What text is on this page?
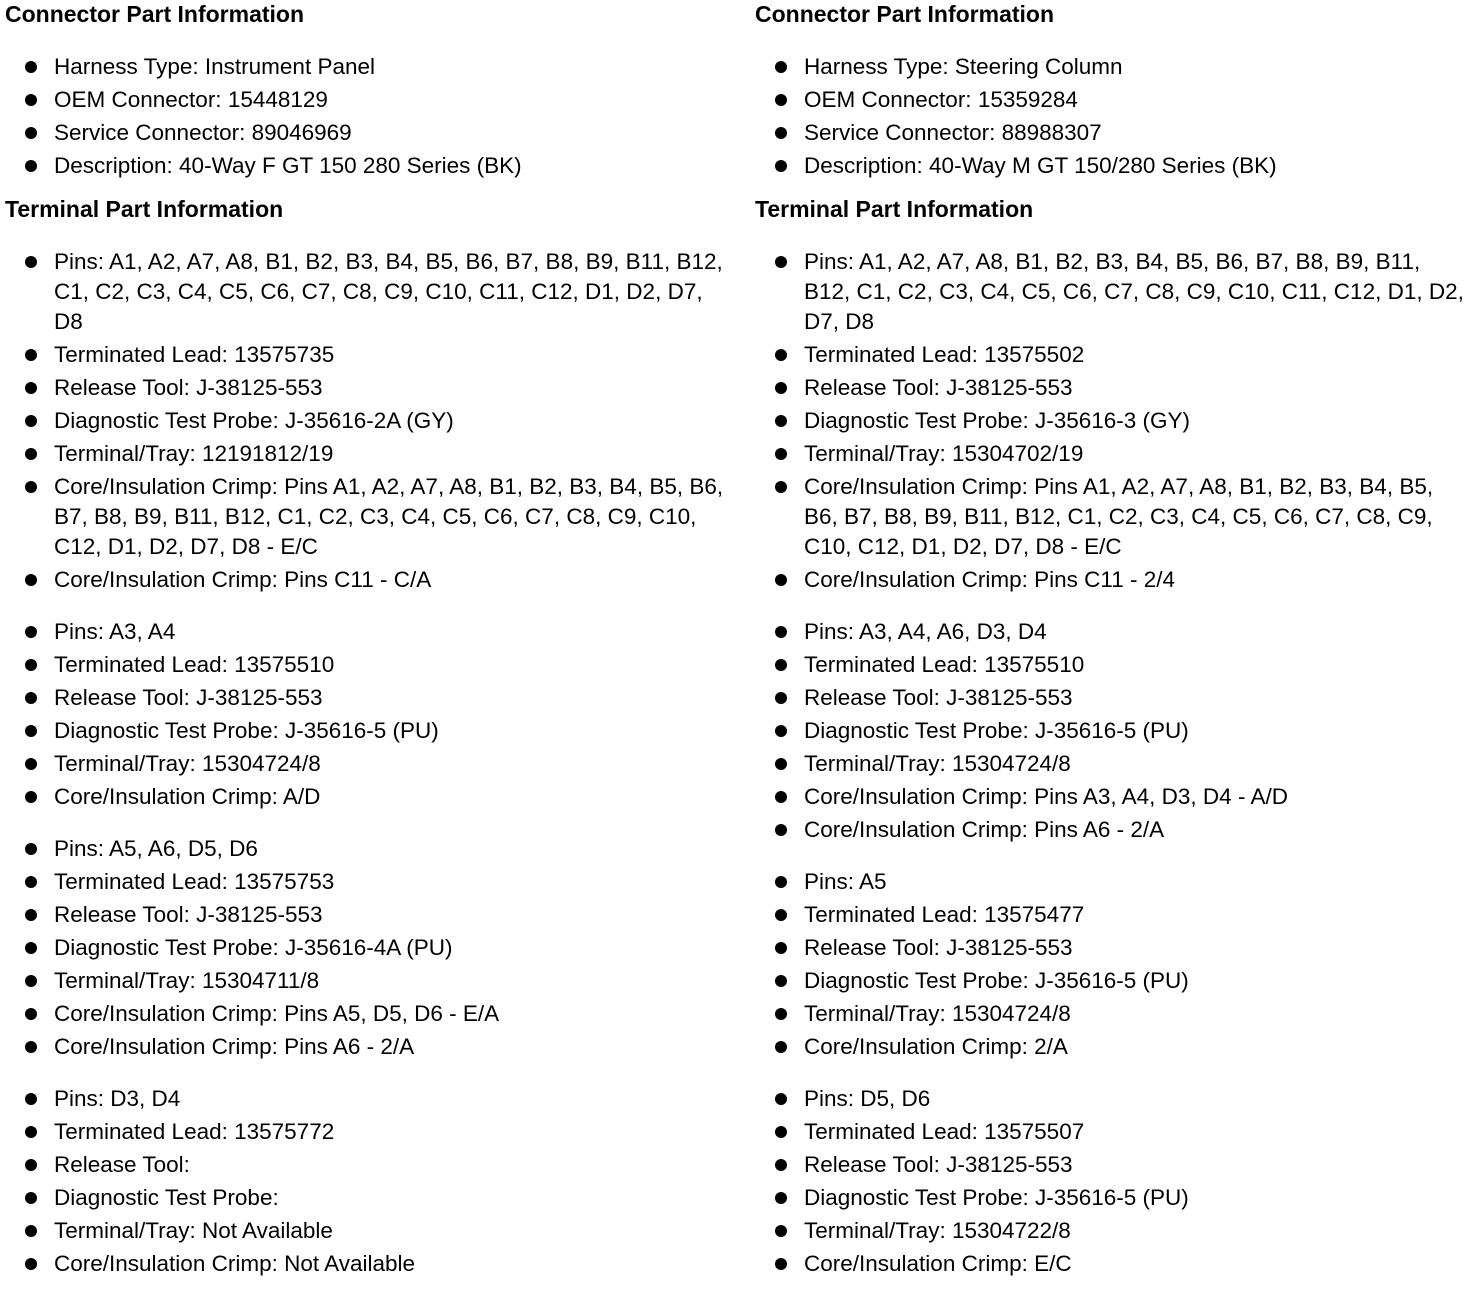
Connector Part Information
Harness Type: Instrument Panel
OEM Connector: 15448129
Service Connector: 89046969
Description: 40-Way F GT 150 280 Series (BK)
Terminal Part Information
Pins: A1, A2, A7, A8, B1, B2, B3, B4, B5, B6, B7, B8, B9, B11, B12, C1, C2, C3, C4, C5, C6, C7, C8, C9, C10, C11, C12, D1, D2, D7, D8
Terminated Lead: 13575735
Release Tool: J-38125-553
Diagnostic Test Probe: J-35616-2A (GY)
Terminal/Tray: 12191812/19
Core/Insulation Crimp: Pins A1, A2, A7, A8, B1, B2, B3, B4, B5, B6, B7, B8, B9, B11, B12, C1, C2, C3, C4, C5, C6, C7, C8, C9, C10, C12, D1, D2, D7, D8 - E/C
Core/Insulation Crimp: Pins C11 - C/A
Pins: A3, A4
Terminated Lead: 13575510
Release Tool: J-38125-553
Diagnostic Test Probe: J-35616-5 (PU)
Terminal/Tray: 15304724/8
Core/Insulation Crimp: A/D
Pins: A5, A6, D5, D6
Terminated Lead: 13575753
Release Tool: J-38125-553
Diagnostic Test Probe: J-35616-4A (PU)
Terminal/Tray: 15304711/8
Core/Insulation Crimp: Pins A5, D5, D6 - E/A
Core/Insulation Crimp: Pins A6 - 2/A
Pins: D3, D4
Terminated Lead: 13575772
Release Tool:
Diagnostic Test Probe:
Terminal/Tray: Not Available
Core/Insulation Crimp: Not Available
Connector Part Information
Harness Type: Steering Column
OEM Connector: 15359284
Service Connector: 88988307
Description: 40-Way M GT 150/280 Series (BK)
Terminal Part Information
Pins: A1, A2, A7, A8, B1, B2, B3, B4, B5, B6, B7, B8, B9, B11, B12, C1, C2, C3, C4, C5, C6, C7, C8, C9, C10, C11, C12, D1, D2, D7, D8
Terminated Lead: 13575502
Release Tool: J-38125-553
Diagnostic Test Probe: J-35616-3 (GY)
Terminal/Tray: 15304702/19
Core/Insulation Crimp: Pins A1, A2, A7, A8, B1, B2, B3, B4, B5, B6, B7, B8, B9, B11, B12, C1, C2, C3, C4, C5, C6, C7, C8, C9, C10, C12, D1, D2, D7, D8 - E/C
Core/Insulation Crimp: Pins C11 - 2/4
Pins: A3, A4, A6, D3, D4
Terminated Lead: 13575510
Release Tool: J-38125-553
Diagnostic Test Probe: J-35616-5 (PU)
Terminal/Tray: 15304724/8
Core/Insulation Crimp: Pins A3, A4, D3, D4 - A/D
Core/Insulation Crimp: Pins A6 - 2/A
Pins: A5
Terminated Lead: 13575477
Release Tool: J-38125-553
Diagnostic Test Probe: J-35616-5 (PU)
Terminal/Tray: 15304724/8
Core/Insulation Crimp: 2/A
Pins: D5, D6
Terminated Lead: 13575507
Release Tool: J-38125-553
Diagnostic Test Probe: J-35616-5 (PU)
Terminal/Tray: 15304722/8
Core/Insulation Crimp: E/C
